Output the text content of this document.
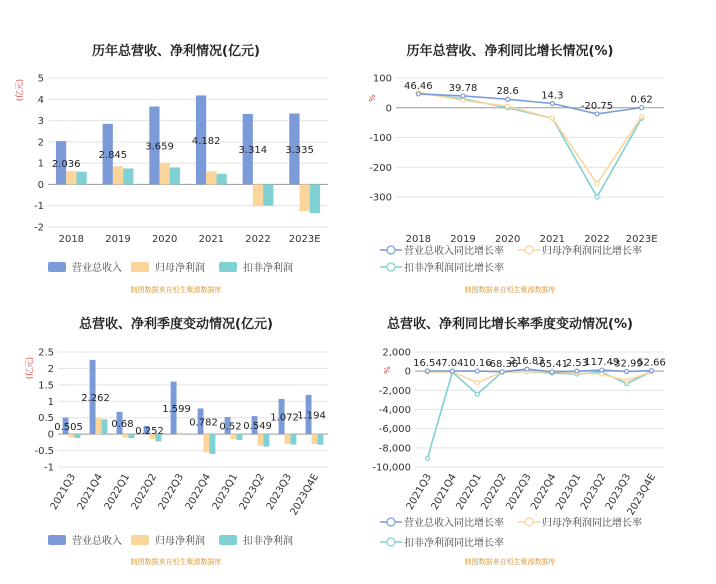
历年总营收、净利情况(亿元)
(亿元)
-2
-1
0
1
2
3
4
5
2018 2019 2020 2021 2022 2023E
2.036
2.845
3.659
4.182
3.314 3.335
营业总收入	归母净利润	扣非净利润
制图数据来自恒生聚源数据库
历年总营收、净利同比增长情况(%)
%
-300
-200
-100
0
100
2018 2019 2020 2021 2022 2023E
46.46 39.78 28.6 14.3
-20.75
0.62
营业总收入同比增长率	归母净利润同比增长率
扣非净利润同比增长率
制图数据来自恒生聚源数据库
总营收、净利季度变动情况(亿元)
(亿元)
-1
-0.5
0
0.5
1
1.5
2
2.5
2021Q3
2021Q4
2022Q1
2022Q2
2022Q3
2022Q4
2023Q1
2023Q2
2023Q3
2023Q4E
0.505
2.262
0.68
0.252
1.599
0.782 0.52 0.549
1.072
1.194
营业总收入	归母净利润	扣非净利润
制图数据来自恒生聚源数据库
总营收、净利同比增长率季度变动情况(%)
%
-10,000
-8,000
-6,000
-4,000
-2,000
0
2,000
2021Q3
2021Q4
2022Q1
2022Q2
2022Q3
2022Q4
2023Q1
2023Q2
2023Q3
2023Q4E
16.54 7.04 10.16
-68.36
216.83
-65.41
2.53
117.49
-32.99
52.66
营业总收入同比增长率	归母净利润同比增长率
扣非净利润同比增长率
制图数据来自恒生聚源数据库
